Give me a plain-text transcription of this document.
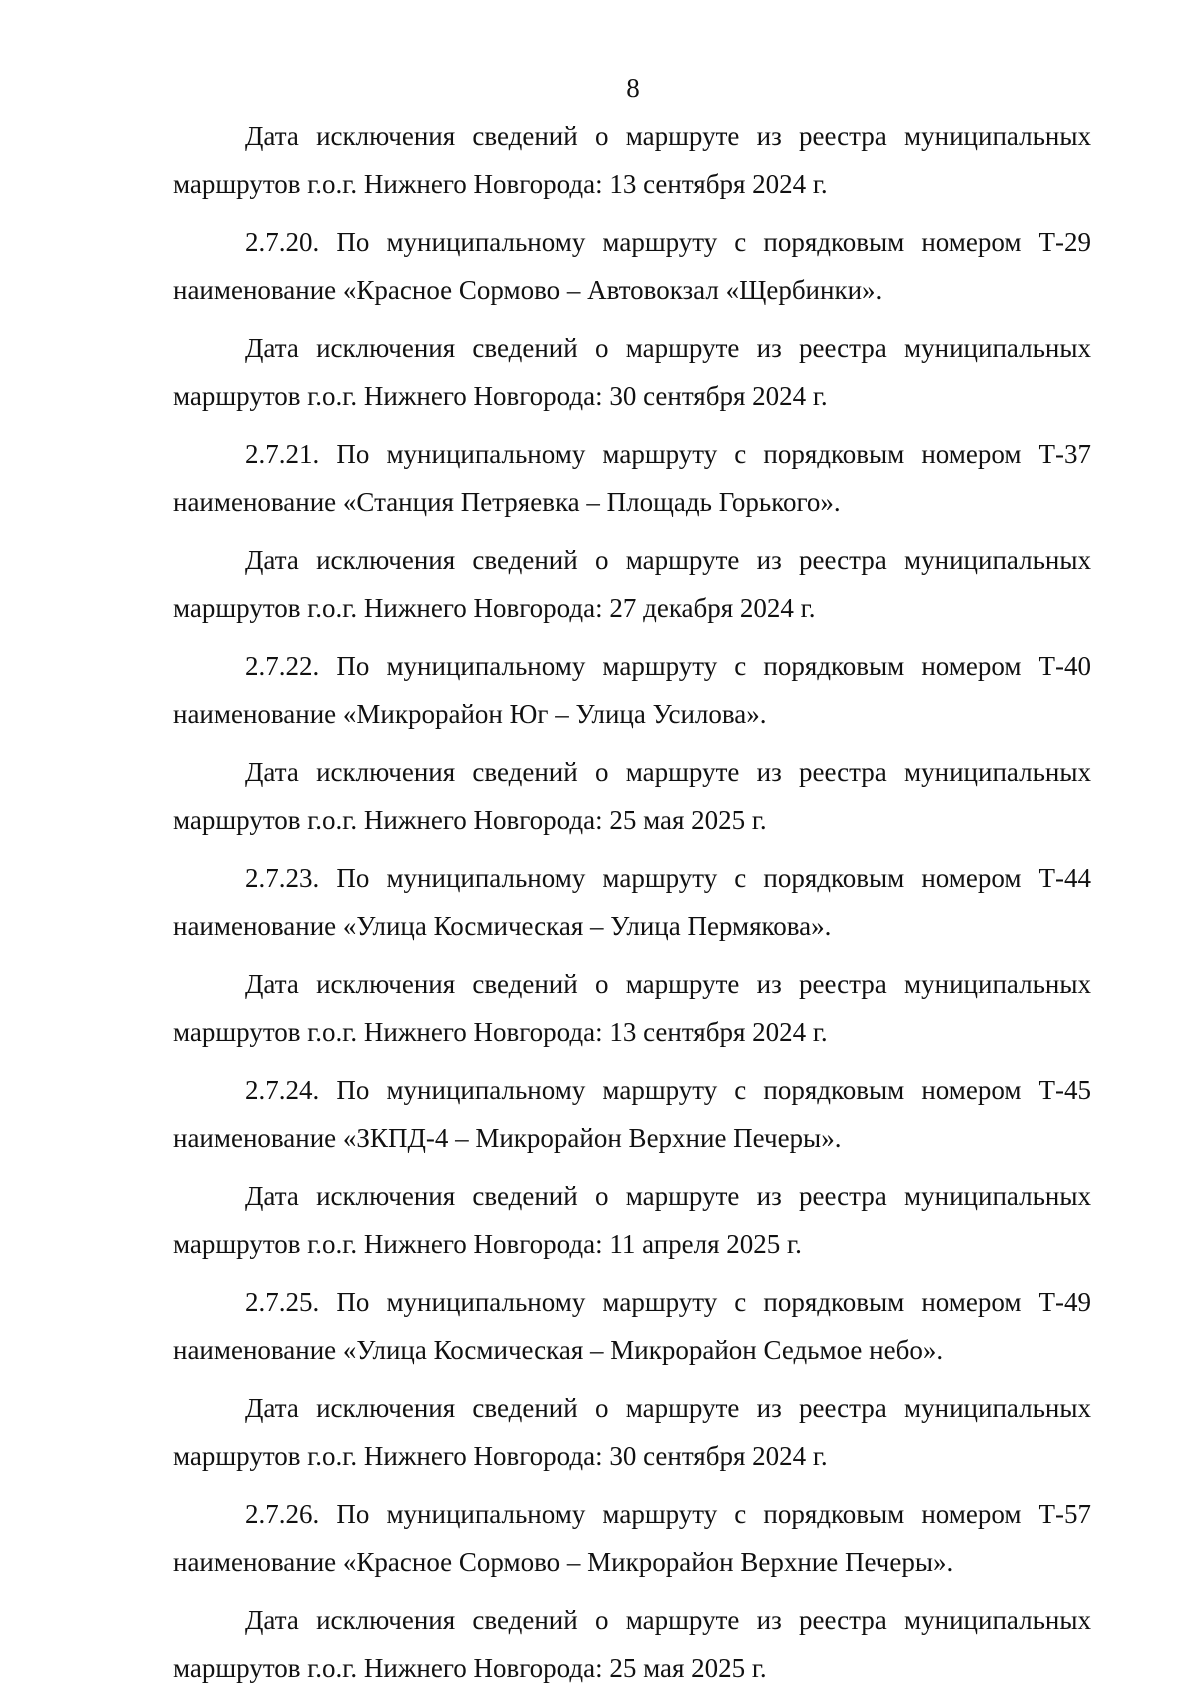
8

Дата исключения сведений о маршруте из реестра муниципальных маршрутов г.о.г. Нижнего Новгорода: 13 сентября 2024 г.

2.7.20. По муниципальному маршруту с порядковым номером Т-29 наименование «Красное Сормово – Автовокзал «Щербинки».

Дата исключения сведений о маршруте из реестра муниципальных маршрутов г.о.г. Нижнего Новгорода: 30 сентября 2024 г.

2.7.21. По муниципальному маршруту с порядковым номером Т-37 наименование «Станция Петряевка – Площадь Горького».

Дата исключения сведений о маршруте из реестра муниципальных маршрутов г.о.г. Нижнего Новгорода: 27 декабря 2024 г.

2.7.22. По муниципальному маршруту с порядковым номером Т-40 наименование «Микрорайон Юг – Улица Усилова».

Дата исключения сведений о маршруте из реестра муниципальных маршрутов г.о.г. Нижнего Новгорода: 25 мая 2025 г.

2.7.23. По муниципальному маршруту с порядковым номером Т-44 наименование «Улица Космическая – Улица Пермякова».

Дата исключения сведений о маршруте из реестра муниципальных маршрутов г.о.г. Нижнего Новгорода: 13 сентября 2024 г.

2.7.24. По муниципальному маршруту с порядковым номером Т-45 наименование «ЗКПД-4 – Микрорайон Верхние Печеры».

Дата исключения сведений о маршруте из реестра муниципальных маршрутов г.о.г. Нижнего Новгорода: 11 апреля 2025 г.

2.7.25. По муниципальному маршруту с порядковым номером Т-49 наименование «Улица Космическая – Микрорайон Седьмое небо».

Дата исключения сведений о маршруте из реестра муниципальных маршрутов г.о.г. Нижнего Новгорода: 30 сентября 2024 г.

2.7.26. По муниципальному маршруту с порядковым номером Т-57 наименование «Красное Сормово – Микрорайон Верхние Печеры».

Дата исключения сведений о маршруте из реестра муниципальных маршрутов г.о.г. Нижнего Новгорода: 25 мая 2025 г.
